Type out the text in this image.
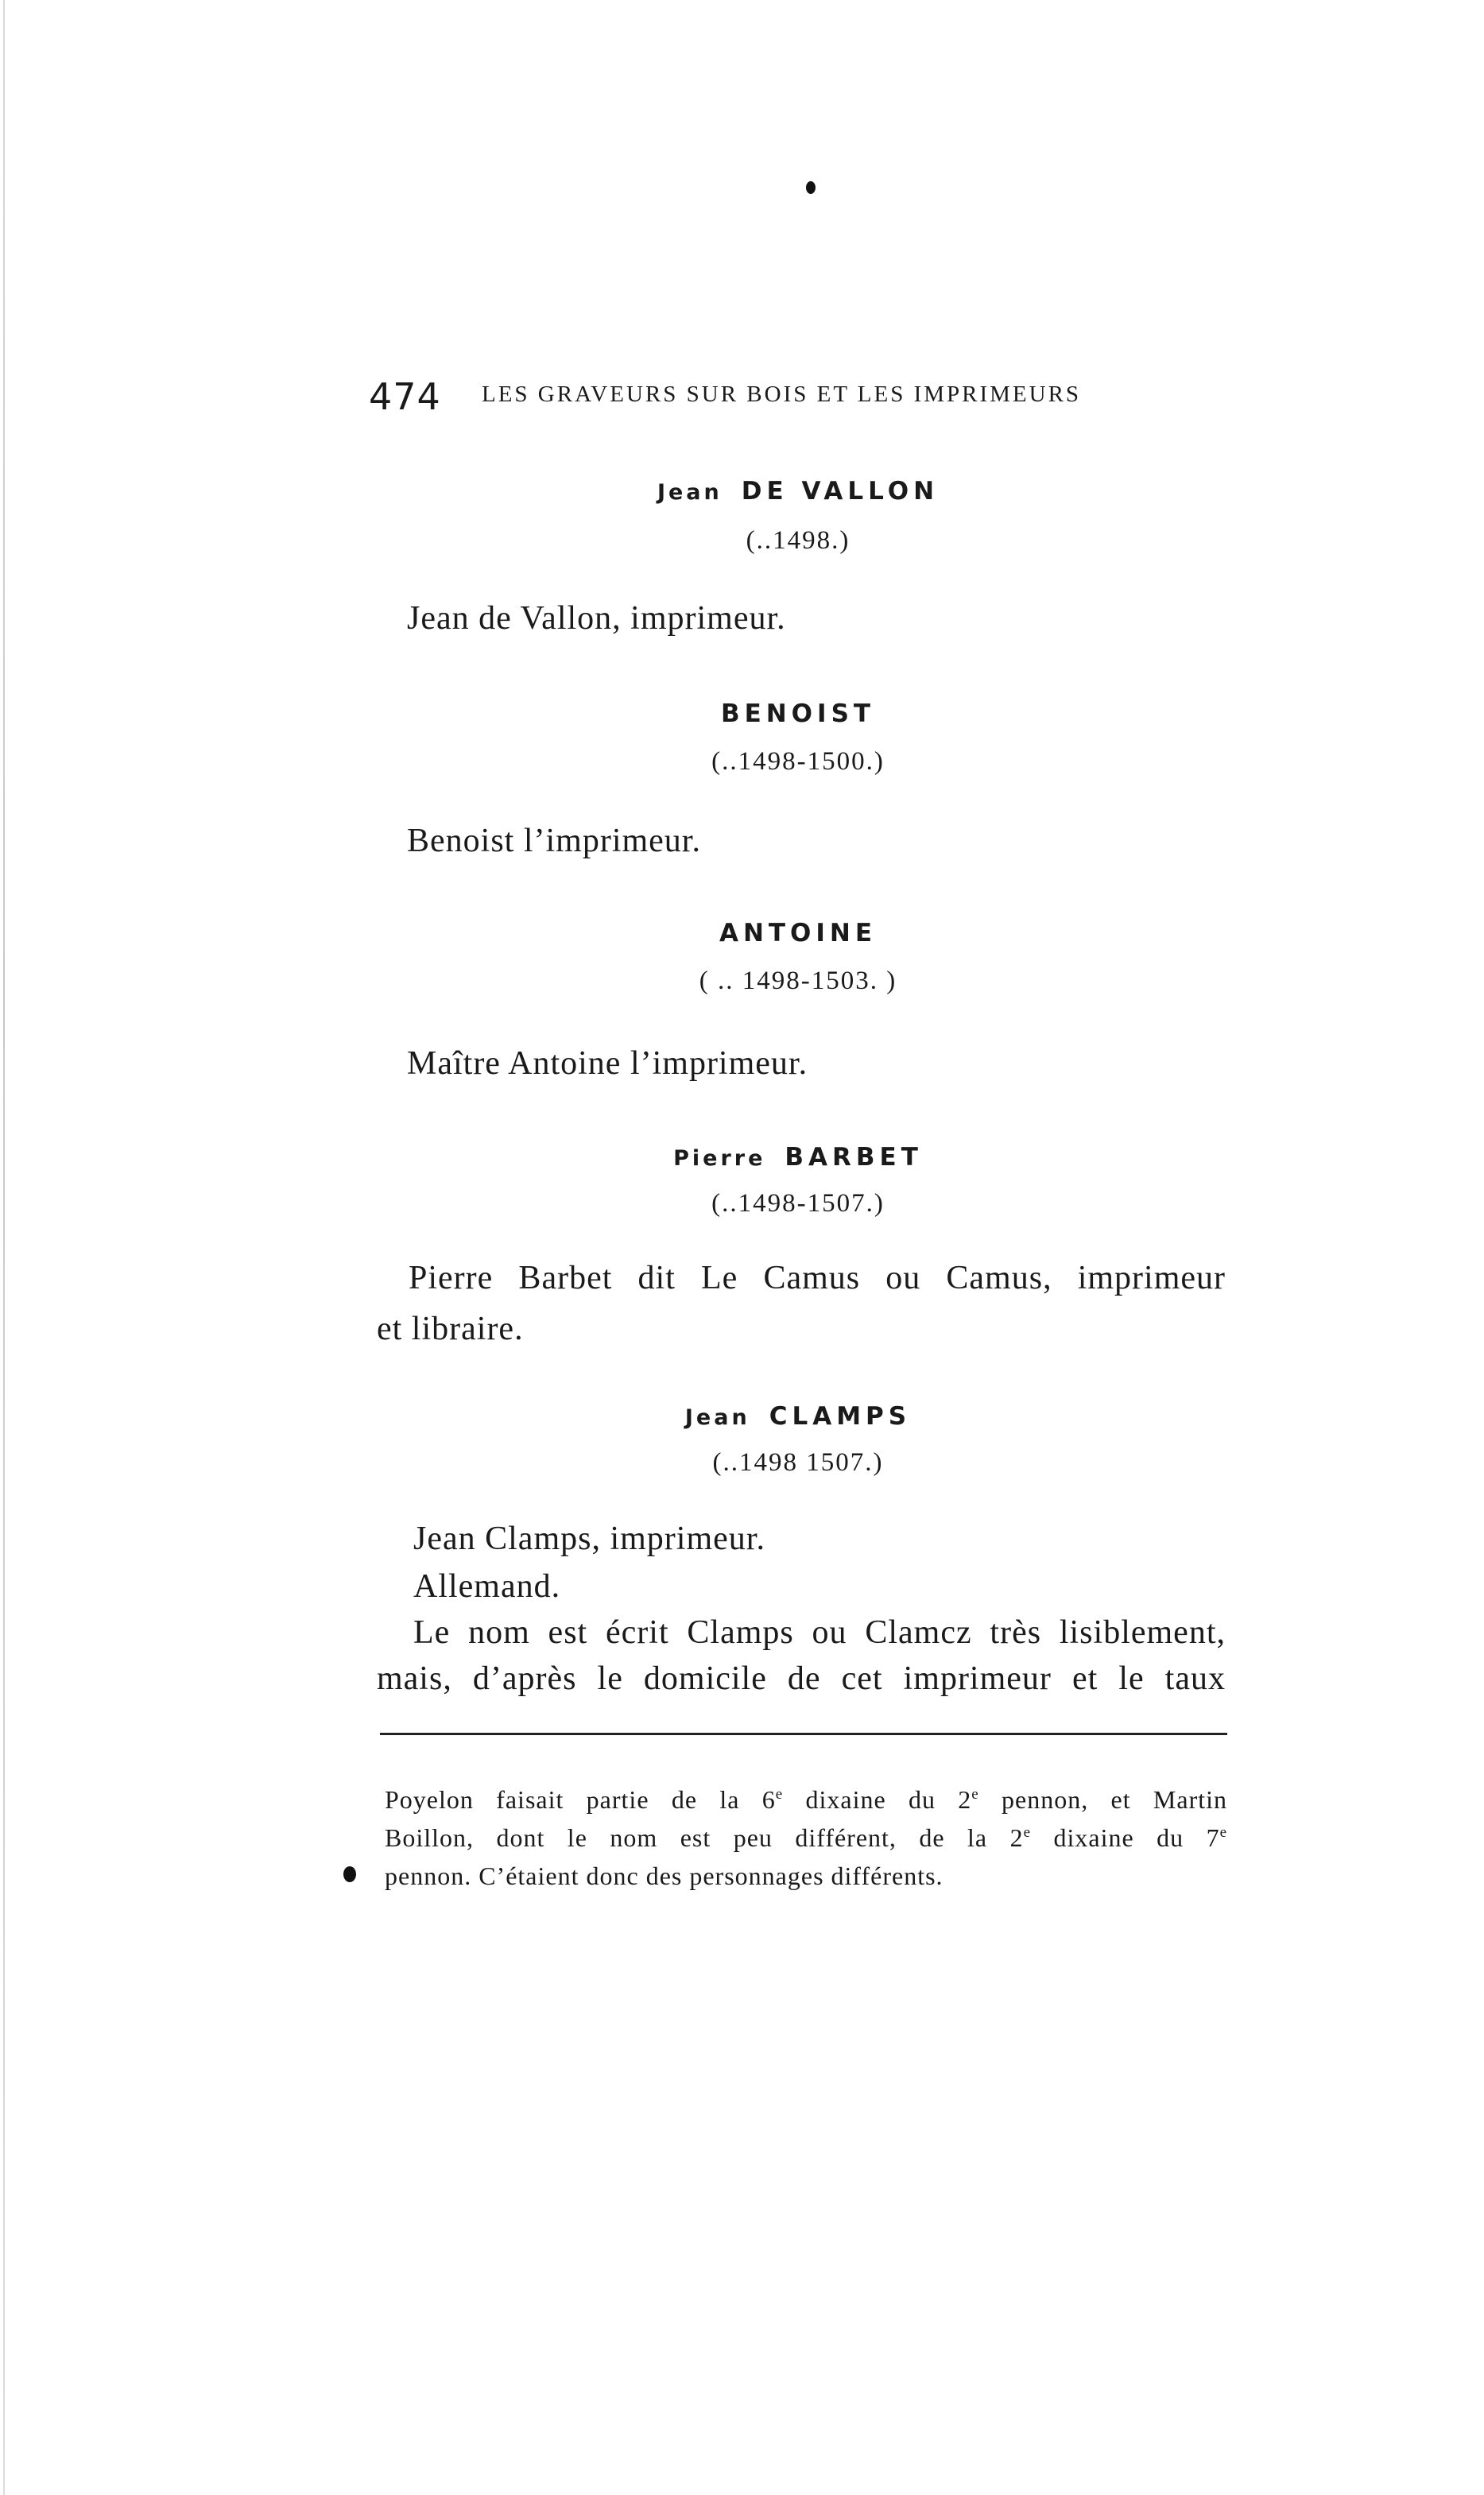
474 LES GRAVEURS SUR BOIS ET LES IMPRIMEURS
Jean DE VALLON
(..1498.)
Jean de Vallon, imprimeur.
BENOIST
(..1498-1500.)
Benoist l’imprimeur.
ANTOINE
( .. 1498-1503. )
Maître Antoine l’imprimeur.
Pierre BARBET
(..1498-1507.)
Pierre Barbet dit Le Camus ou Camus, imprimeur
et libraire.
Jean CLAMPS
(..1498 1507.)
Jean Clamps, imprimeur.
Allemand.
Le nom est écrit Clamps ou Clamcz très lisiblement,
mais, d’après le domicile de cet imprimeur et le taux
Poyelon faisait partie de la 6e dixaine du 2e pennon, et Martin
Boillon, dont le nom est peu différent, de la 2e dixaine du 7e
pennon. C’étaient donc des personnages différents.
